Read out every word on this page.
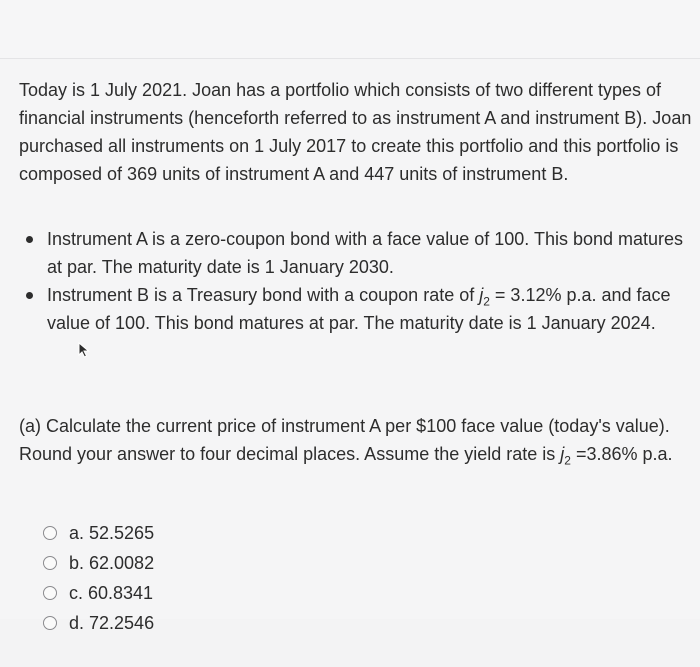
Today is 1 July 2021. Joan has a portfolio which consists of two different types of financial instruments (henceforth referred to as instrument A and instrument B). Joan purchased all instruments on 1 July 2017 to create this portfolio and this portfolio is composed of 369 units of instrument A and 447 units of instrument B.

Instrument A is a zero-coupon bond with a face value of 100. This bond matures at par. The maturity date is 1 January 2030.
Instrument B is a Treasury bond with a coupon rate of $j_2 = 3.12\%$ p.a. and face value of 100. This bond matures at par. The maturity date is 1 January 2024.

(a) Calculate the current price of instrument A per $100 face value (today's value). Round your answer to four decimal places. Assume the yield rate is $j_2 =3.86\%$ p.a.

a. 52.5265
b. 62.0082
c. 60.8341
d. 72.2546
